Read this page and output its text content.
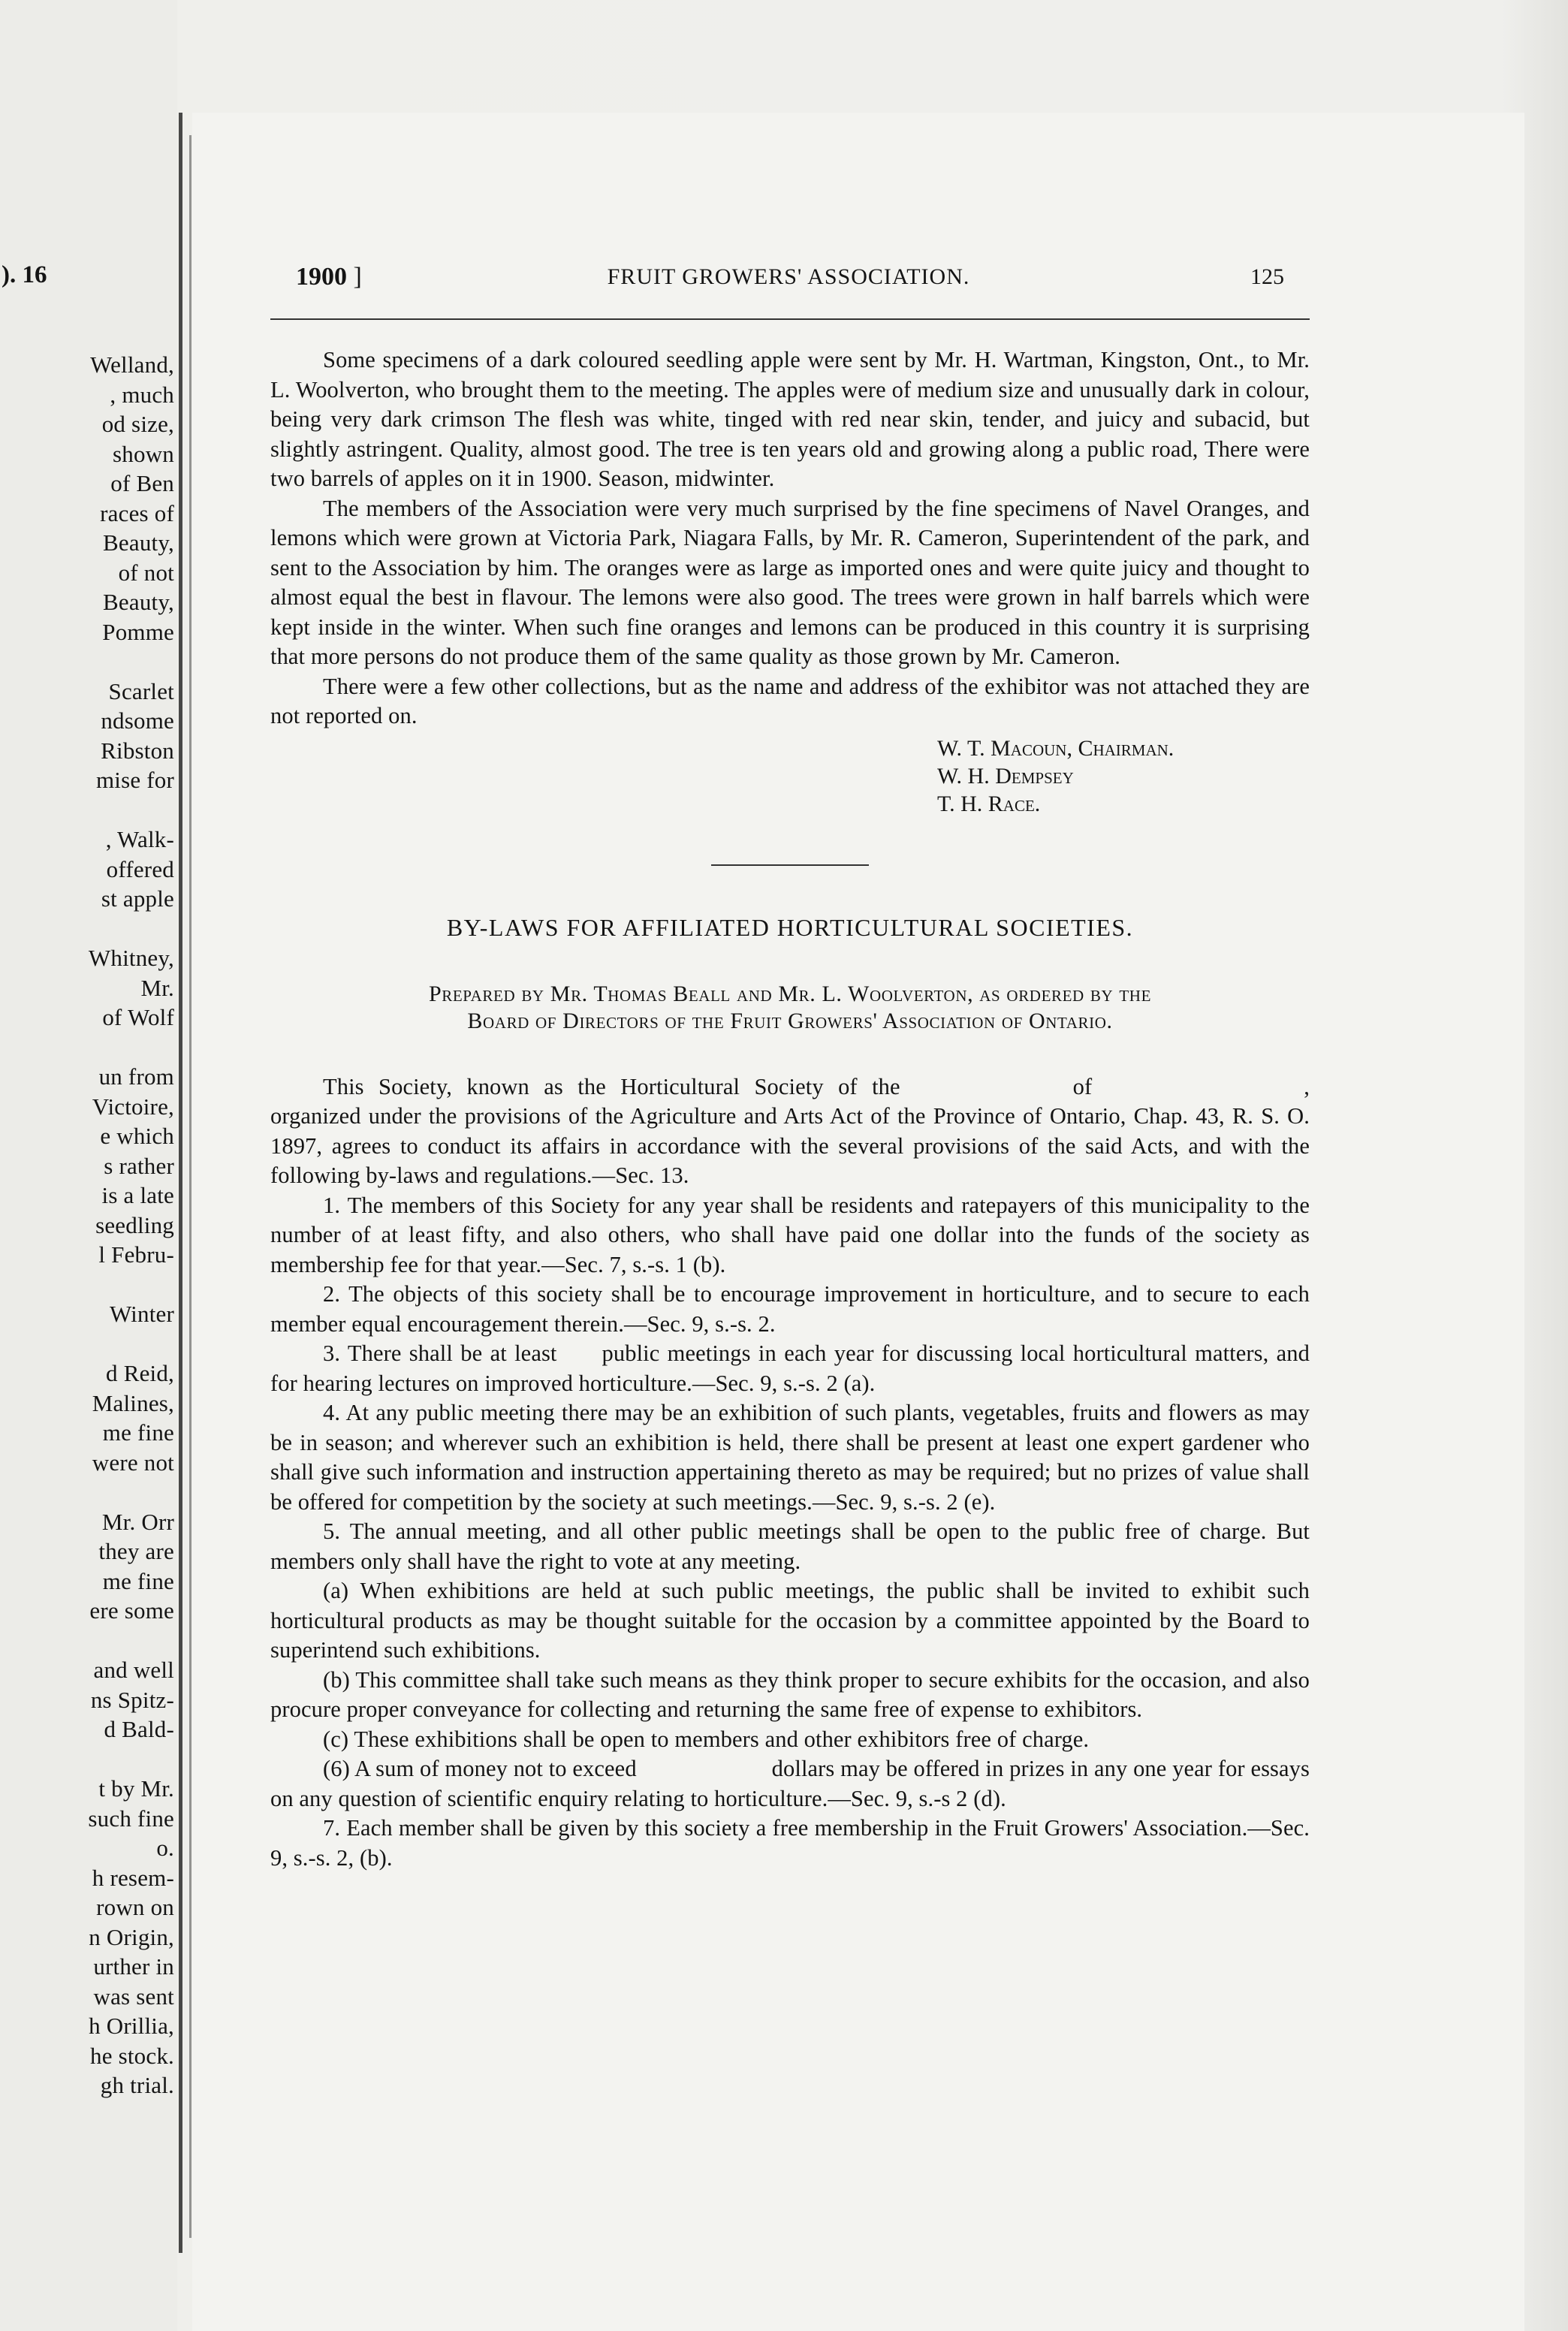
). 16
Welland,
, much
od size,
shown
of Ben
races of
Beauty,
of not
Beauty,
Pomme
Scarlet
ndsome
Ribston
mise for
, Walk-
offered
st apple
Whitney,
Mr.
of Wolf
un from
Victoire,
e which
s rather
is a late
seedling
l Febru-
Winter
d Reid,
Malines,
me fine
were not
Mr. Orr
they are
me fine
ere some
and well
ns Spitz-
d Bald-
t by Mr.
such fine
o.
h resem-
rown on
n Origin,
urther in
was sent
h Orillia,
he stock.
gh trial.
1900 ]	FRUIT GROWERS' ASSOCIATION.	125

Some specimens of a dark coloured seedling apple were sent by Mr. H. Wartman, Kingston, Ont., to Mr. L. Woolverton, who brought them to the meeting. The apples were of medium size and unusually dark in colour, being very dark crimson The flesh was white, tinged with red near skin, tender, and juicy and subacid, but slightly astringent. Quality, almost good. The tree is ten years old and growing along a public road, There were two barrels of apples on it in 1900. Season, midwinter.

The members of the Association were very much surprised by the fine specimens of Navel Oranges, and lemons which were grown at Victoria Park, Niagara Falls, by Mr. R. Cameron, Superintendent of the park, and sent to the Association by him. The oranges were as large as imported ones and were quite juicy and thought to almost equal the best in flavour. The lemons were also good. The trees were grown in half barrels which were kept inside in the winter. When such fine oranges and lemons can be produced in this country it is surprising that more persons do not produce them of the same quality as those grown by Mr. Cameron.

There were a few other collections, but as the name and address of the exhibitor was not attached they are not reported on.

W. T. Macoun, Chairman.
W. H. Dempsey
T. H. Race.
BY-LAWS FOR AFFILIATED HORTICULTURAL SOCIETIES.
Prepared by Mr. Thomas Beall and Mr. L. Woolverton, as ordered by the
Board of Directors of the Fruit Growers' Association of Ontario.

This Society, known as the Horticultural Society of the	of	, organized under the provisions of the Agriculture and Arts Act of the Province of Ontario, Chap. 43, R. S. O. 1897, agrees to conduct its affairs in accordance with the several provisions of the said Acts, and with the following by-laws and regulations.—Sec. 13.

1. The members of this Society for any year shall be residents and ratepayers of this municipality to the number of at least fifty, and also others, who shall have paid one dollar into the funds of the society as membership fee for that year.—Sec. 7, s.-s. 1 (b).

2. The objects of this society shall be to encourage improvement in horticulture, and to secure to each member equal encouragement therein.—Sec. 9, s.-s. 2.

3. There shall be at least public meetings in each year for discussing local horticultural matters, and for hearing lectures on improved horticulture.—Sec. 9, s.-s. 2 (a).

4. At any public meeting there may be an exhibition of such plants, vegetables, fruits and flowers as may be in season; and wherever such an exhibition is held, there shall be present at least one expert gardener who shall give such information and instruction appertaining thereto as may be required; but no prizes of value shall be offered for competition by the society at such meetings.—Sec. 9, s.-s. 2 (e).

5. The annual meeting, and all other public meetings shall be open to the public free of charge. But members only shall have the right to vote at any meeting.

(a) When exhibitions are held at such public meetings, the public shall be invited to exhibit such horticultural products as may be thought suitable for the occasion by a committee appointed by the Board to superintend such exhibitions.

(b) This committee shall take such means as they think proper to secure exhibits for the occasion, and also procure proper conveyance for collecting and returning the same free of expense to exhibitors.

(c) These exhibitions shall be open to members and other exhibitors free of charge.

(6) A sum of money not to exceed	dollars may be offered in prizes in any one year for essays on any question of scientific enquiry relating to horticulture.—Sec. 9, s.-s 2 (d).

7. Each member shall be given by this society a free membership in the Fruit Growers' Association.—Sec. 9, s.-s. 2, (b).
